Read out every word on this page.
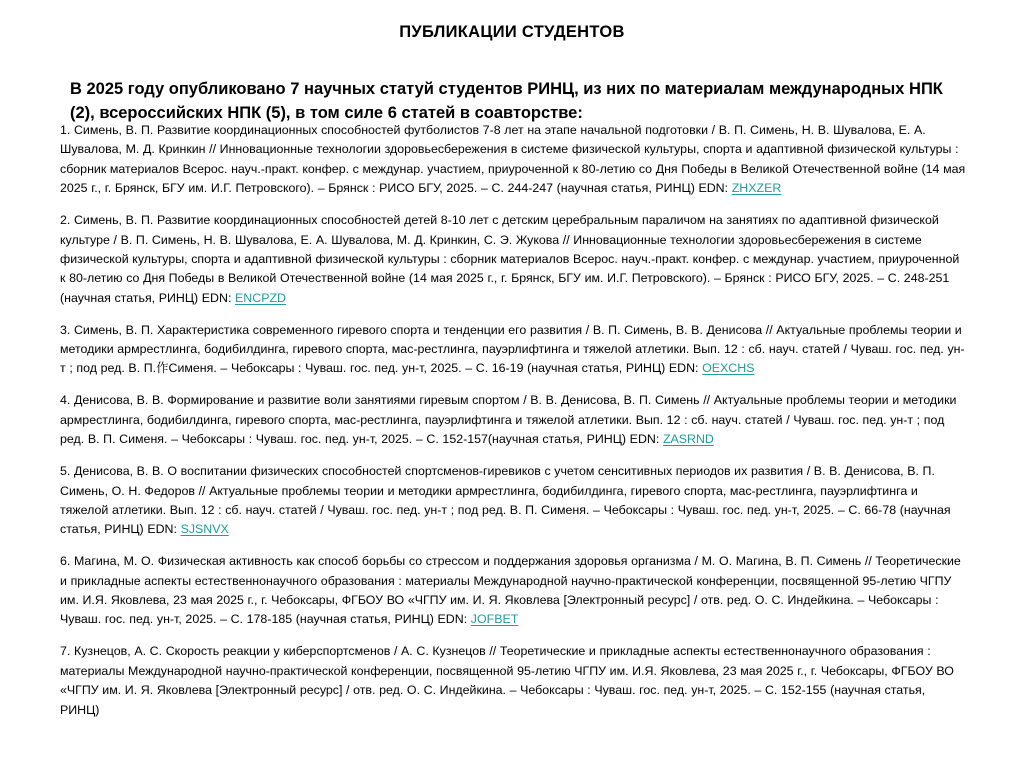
ПУБЛИКАЦИИ СТУДЕНТОВ

В 2025 году опубликовано 7 научных статуй студентов РИНЦ, из них по материалам международных НПК (2), всероссийских НПК (5), в том силе 6 статей в соавторстве:

1. Симень, В. П. Развитие координационных способностей футболистов 7-8 лет на этапе начальной подготовки / В. П. Симень, Н. В. Шувалова, Е. А. Шувалова, М. Д. Кринкин // Инновационные технологии здоровьесбережения в системе физической культуры, спорта и адаптивной физической культуры : сборник материалов Всерос. науч.-практ. конфер. с междунар. участием, приуроченной к 80-летию со Дня Победы в Великой Отечественной войне (14 мая 2025 г., г. Брянск, БГУ им. И.Г. Петровского). – Брянск : РИСО БГУ, 2025. – С. 244-247 (научная статья, РИНЦ) EDN: ZHXZER

2. Симень, В. П. Развитие координационных способностей детей 8-10 лет с детским церебральным параличом на занятиях по адаптивной физической культуре / В. П. Симень, Н. В. Шувалова, Е. А. Шувалова, М. Д. Кринкин, С. Э. Жукова // Инновационные технологии здоровьесбережения в системе физической культуры, спорта и адаптивной физической культуры : сборник материалов Всерос. науч.-практ. конфер. с междунар. участием, приуроченной к 80-летию со Дня Победы в Великой Отечественной войне (14 мая 2025 г., г. Брянск, БГУ им. И.Г. Петровского). – Брянск : РИСО БГУ, 2025. – С. 248-251 (научная статья, РИНЦ) EDN: ENCPZD

3. Симень, В. П. Характеристика современного гиревого спорта и тенденции его развития / В. П. Симень, В. В. Денисова // Актуальные проблемы теории и методики армрестлинга, бодибилдинга, гиревого спорта, мас-рестлинга, пауэрлифтинга и тяжелой атлетики. Вып. 12 : сб. науч. статей / Чуваш. гос. пед. ун-т ; под ред. В. П.作Сименя. – Чебоксары : Чуваш. гос. пед. ун-т, 2025. – С. 16-19 (научная статья, РИНЦ) EDN: OEXCHS

4. Денисова, В. В. Формирование и развитие воли занятиями гиревым спортом / В. В. Денисова, В. П. Симень // Актуальные проблемы теории и методики армрестлинга, бодибилдинга, гиревого спорта, мас-рестлинга, пауэрлифтинга и тяжелой атлетики. Вып. 12 : сб. науч. статей / Чуваш. гос. пед. ун-т ; под ред. В. П. Сименя. – Чебоксары : Чуваш. гос. пед. ун-т, 2025. – С. 152-157(научная статья, РИНЦ) EDN: ZASRND

5. Денисова, В. В. О воспитании физических способностей спортсменов-гиревиков с учетом сенситивных периодов их развития / В. В. Денисова, В. П. Симень, О. Н. Федоров // Актуальные проблемы теории и методики армрестлинга, бодибилдинга, гиревого спорта, мас-рестлинга, пауэрлифтинга и тяжелой атлетики. Вып. 12 : сб. науч. статей / Чуваш. гос. пед. ун-т ; под ред. В. П. Сименя. – Чебоксары : Чуваш. гос. пед. ун-т, 2025. – С. 66-78 (научная статья, РИНЦ) EDN: SJSNVX

6. Магина, М. О. Физическая активность как способ борьбы со стрессом и поддержания здоровья организма / М. О. Магина, В. П. Симень // Теоретические и прикладные аспекты естественнонаучного образования : материалы Международной научно-практической конференции, посвященной 95-летию ЧГПУ им. И.Я. Яковлева, 23 мая 2025 г., г. Чебоксары, ФГБОУ ВО «ЧГПУ им. И. Я. Яковлева [Электронный ресурс] / отв. ред. О. С. Индейкина. – Чебоксары : Чуваш. гос. пед. ун-т, 2025. – С. 178-185 (научная статья, РИНЦ) EDN: JOFBET

7. Кузнецов, А. С. Скорость реакции у киберспортсменов / А. С. Кузнецов // Теоретические и прикладные аспекты естественнонаучного образования : материалы Международной научно-практической конференции, посвященной 95-летию ЧГПУ им. И.Я. Яковлева, 23 мая 2025 г., г. Чебоксары, ФГБОУ ВО «ЧГПУ им. И. Я. Яковлева [Электронный ресурс] / отв. ред. О. С. Индейкина. – Чебоксары : Чуваш. гос. пед. ун-т, 2025. – С. 152-155 (научная статья, РИНЦ)
